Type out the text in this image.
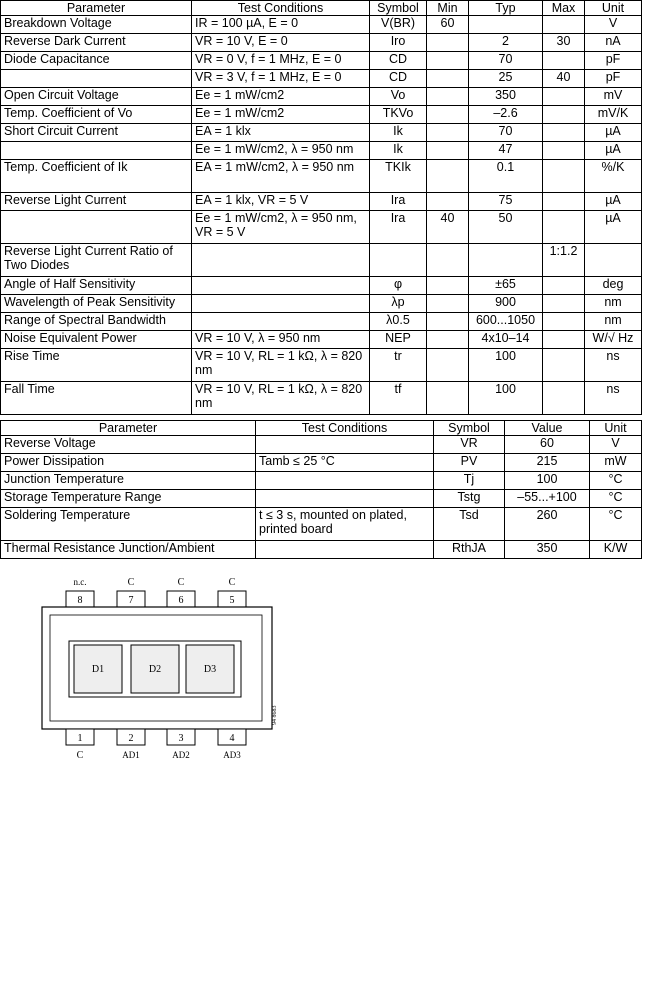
Parameter	Test Conditions	Symbol	Min	Typ	Max	Unit
Breakdown Voltage	IR = 100 µA, E = 0	V(BR)	60			V
Reverse Dark Current	VR = 10 V, E = 0	Iro		2	30	nA
Diode Capacitance	VR = 0 V, f = 1 MHz, E = 0	CD		70		pF
	VR = 3 V, f = 1 MHz, E = 0	CD		25	40	pF
Open Circuit Voltage	Ee = 1 mW/cm2	Vo		350		mV
Temp. Coefficient of Vo	Ee = 1 mW/cm2	TKVo		–2.6		mV/K
Short Circuit Current	EA = 1 klx	Ik		70		µA
	Ee = 1 mW/cm2, λ = 950 nm	Ik		47		µA
Temp. Coefficient of Ik	EA = 1 mW/cm2, λ = 950 nm	TKIk		0.1		%/K
Reverse Light Current	EA = 1 klx, VR = 5 V	Ira		75		µA
	Ee = 1 mW/cm2, λ = 950 nm, VR = 5 V	Ira	40	50		µA
Reverse Light Current Ratio of Two Diodes					1:1.2	
Angle of Half Sensitivity		φ		±65		deg
Wavelength of Peak Sensitivity		λp		900		nm
Range of Spectral Bandwidth		λ0.5		600...1050		nm
Noise Equivalent Power	VR = 10 V, λ = 950 nm	NEP		4x10–14		W/√ Hz
Rise Time	VR = 10 V, RL = 1 kΩ, λ = 820 nm	tr		100		ns
Fall Time	VR = 10 V, RL = 1 kΩ, λ = 820 nm	tf		100		ns
Parameter	Test Conditions	Symbol	Value	Unit
Reverse Voltage		VR	60	V
Power Dissipation	Tamb ≤ 25 °C	PV	215	mW
Junction Temperature		Tj	100	°C
Storage Temperature Range		Tstg	–55...+100	°C
Soldering Temperature	t ≤ 3 s, mounted on plated, printed board	Tsd	260	°C
Thermal Resistance Junction/Ambient		RthJA	350	K/W
n.c.	C	C	C
8	7	6	5
D1	D2	D3
94 8683
1	2	3	4
C	AD1	AD2	AD3
